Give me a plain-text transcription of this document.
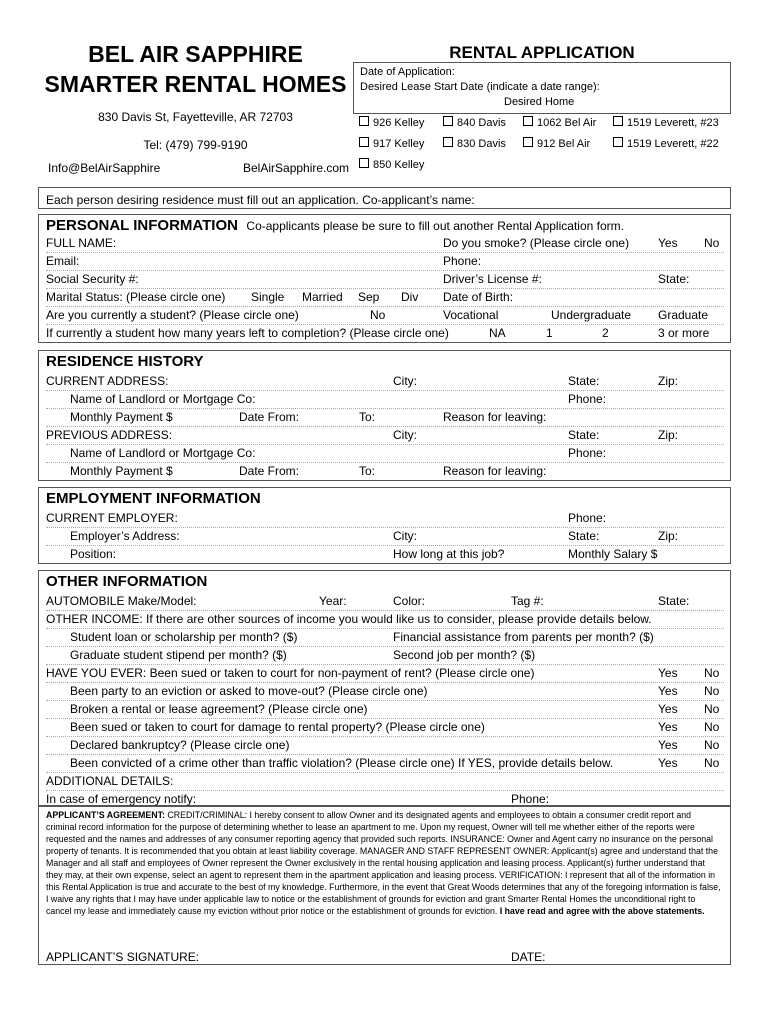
BEL AIR SAPPHIRE
SMARTER RENTAL HOMES
830 Davis St, Fayetteville, AR 72703
Tel: (479) 799-9190
Info@BelAirSapphire	BelAirSapphire.com
RENTAL APPLICATION
Date of Application:
Desired Lease Start Date (indicate a date range):
Desired Home
926 Kelley	840 Davis	1062 Bel Air	1519 Leverett, #23
917 Kelley	830 Davis	912 Bel Air	1519 Leverett, #22
850 Kelley
Each person desiring residence must fill out an application. Co-applicant’s name:
PERSONAL INFORMATION Co-applicants please be sure to fill out another Rental Application form.
FULL NAME:	Do you smoke? (Please circle one) Yes No
Email:	Phone:
Social Security #:	Driver’s License #:	State:
Marital Status: (Please circle one) Single Married Sep Div Date of Birth:
Are you currently a student? (Please circle one)	No	Vocational	Undergraduate Graduate
If currently a student how many years left to completion? (Please circle one)	NA	1	2	3 or more
RESIDENCE HISTORY
CURRENT ADDRESS:	City:	State:	Zip:
Name of Landlord or Mortgage Co:	Phone:
Monthly Payment $	Date From:	To:	Reason for leaving:
PREVIOUS ADDRESS:	City:	State:	Zip:
Name of Landlord or Mortgage Co:	Phone:
Monthly Payment $	Date From:	To:	Reason for leaving:
EMPLOYMENT INFORMATION
CURRENT EMPLOYER:	Phone:
Employer’s Address:	City:	State:	Zip:
Position:	How long at this job?	Monthly Salary $
OTHER INFORMATION
AUTOMOBILE Make/Model:	Year:	Color:	Tag #:	State:
OTHER INCOME: If there are other sources of income you would like us to consider, please provide details below.
Student loan or scholarship per month? ($)	Financial assistance from parents per month? ($)
Graduate student stipend per month? ($)	Second job per month? ($)
HAVE YOU EVER: Been sued or taken to court for non-payment of rent? (Please circle one)	Yes No
Been party to an eviction or asked to move-out? (Please circle one)	Yes No
Broken a rental or lease agreement? (Please circle one)	Yes No
Been sued or taken to court for damage to rental property? (Please circle one)	Yes No
Declared bankruptcy? (Please circle one)	Yes No
Been convicted of a crime other than traffic violation? (Please circle one) If YES, provide details below.	Yes No
ADDITIONAL DETAILS:
In case of emergency notify:	Phone:
APPLICANT’S AGREEMENT: CREDIT/CRIMINAL: I hereby consent to allow Owner and its designated agents and employees to obtain a consumer credit report and criminal record information for the purpose of determining whether to lease an apartment to me. Upon my request, Owner will tell me whether either of the reports were requested and the names and addresses of any consumer reporting agency that provided such reports. INSURANCE: Owner and Agent carry no insurance on the personal property of tenants. It is recommended that you obtain at least liability coverage. MANAGER AND STAFF REPRESENT OWNER: Applicant(s) agree and understand that the Manager and all staff and employees of Owner represent the Owner exclusively in the rental housing application and leasing process. Applicant(s) further understand that they may, at their own expense, select an agent to represent them in the apartment application and leasing process. VERIFICATION: I represent that all of the information in this Rental Application is true and accurate to the best of my knowledge. Furthermore, in the event that Great Woods determines that any of the foregoing information is false, I waive any rights that I may have under applicable law to notice or the establishment of grounds for eviction and grant Smarter Rental Homes the unconditional right to cancel my lease and immediately cause my eviction without prior notice or the establishment of grounds for eviction. I have read and agree with the above statements.
APPLICANT’S SIGNATURE:	DATE:
